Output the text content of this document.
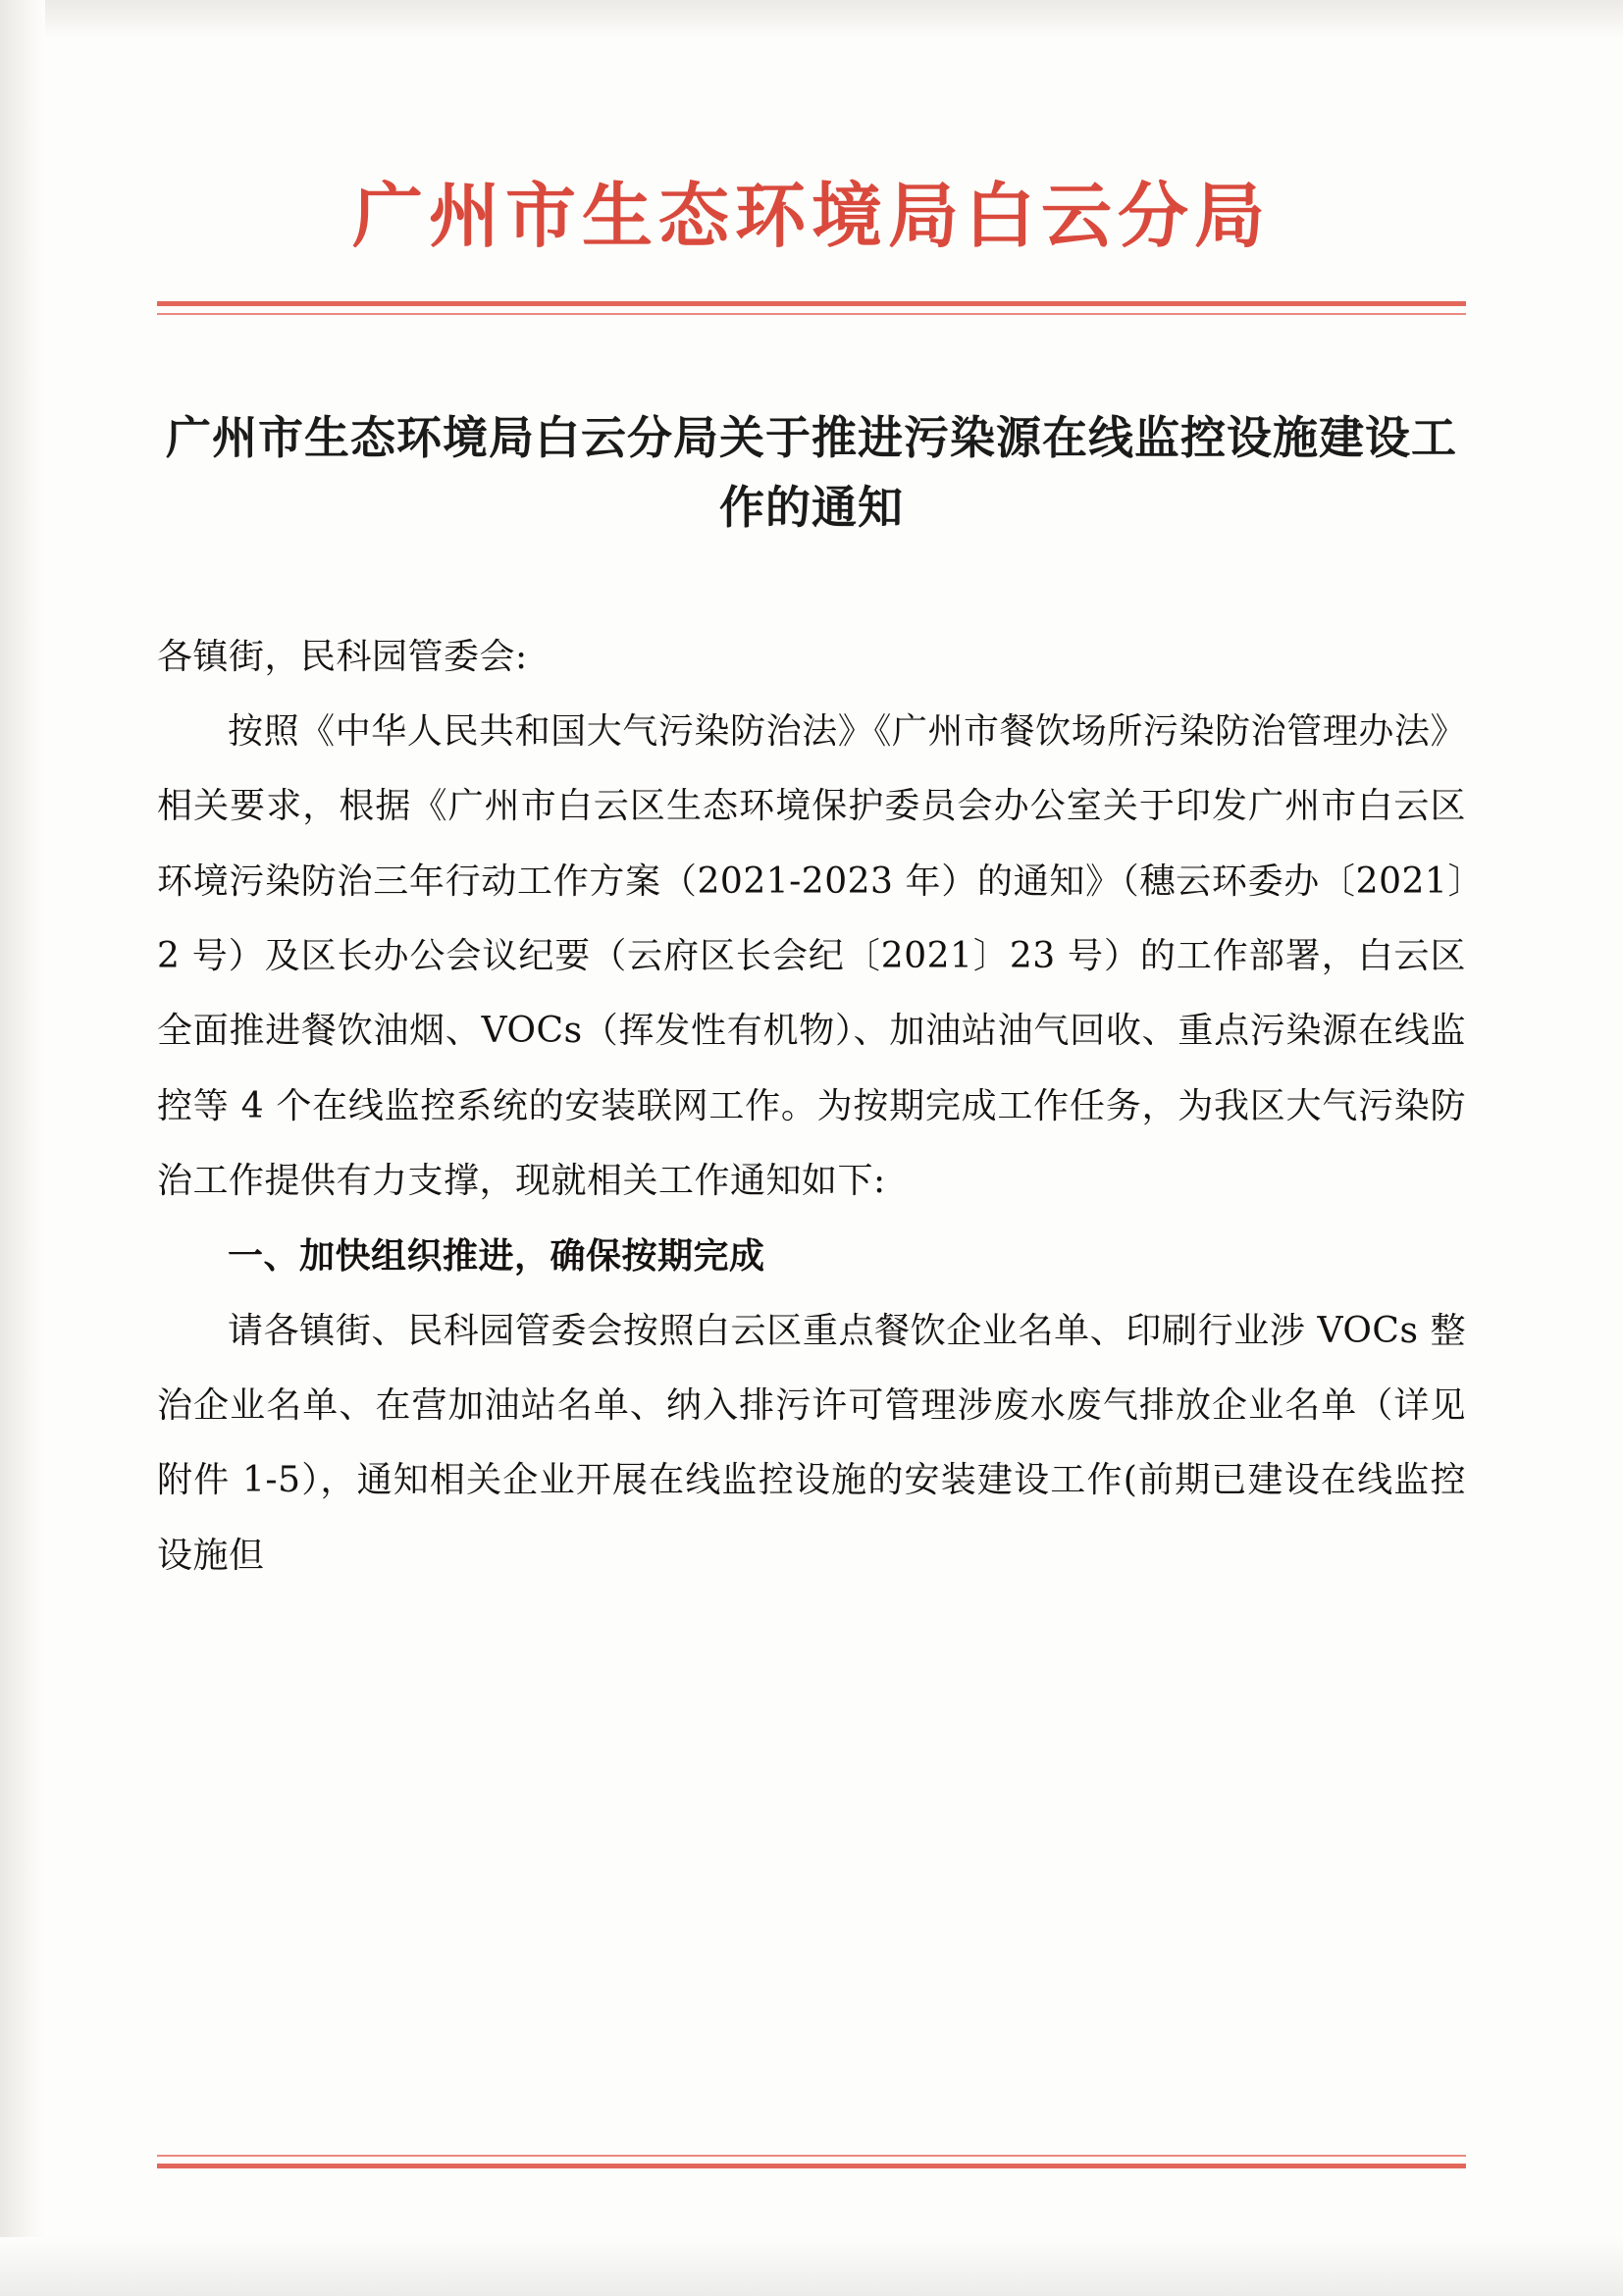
广州市生态环境局白云分局
广州市生态环境局白云分局关于推进污染源在线监控设施建设工作的通知

各镇街，民科园管委会:

按照《中华人民共和国大气污染防治法》《广州市餐饮场所污染防治管理办法》相关要求，根据《广州市白云区生态环境保护委员会办公室关于印发广州市白云区环境污染防治三年行动工作方案（2021-2023 年）的通知》（穗云环委办〔2021〕2 号）及区长办公会议纪要（云府区长会纪〔2021〕23 号）的工作部署，白云区全面推进餐饮油烟、VOCs（挥发性有机物）、加油站油气回收、重点污染源在线监控等 4 个在线监控系统的安装联网工作。为按期完成工作任务，为我区大气污染防治工作提供有力支撑，现就相关工作通知如下:

一、加快组织推进，确保按期完成

请各镇街、民科园管委会按照白云区重点餐饮企业名单、印刷行业涉 VOCs 整治企业名单、在营加油站名单、纳入排污许可管理涉废水废气排放企业名单（详见附件 1-5），通知相关企业开展在线监控设施的安装建设工作(前期已建设在线监控设施但
